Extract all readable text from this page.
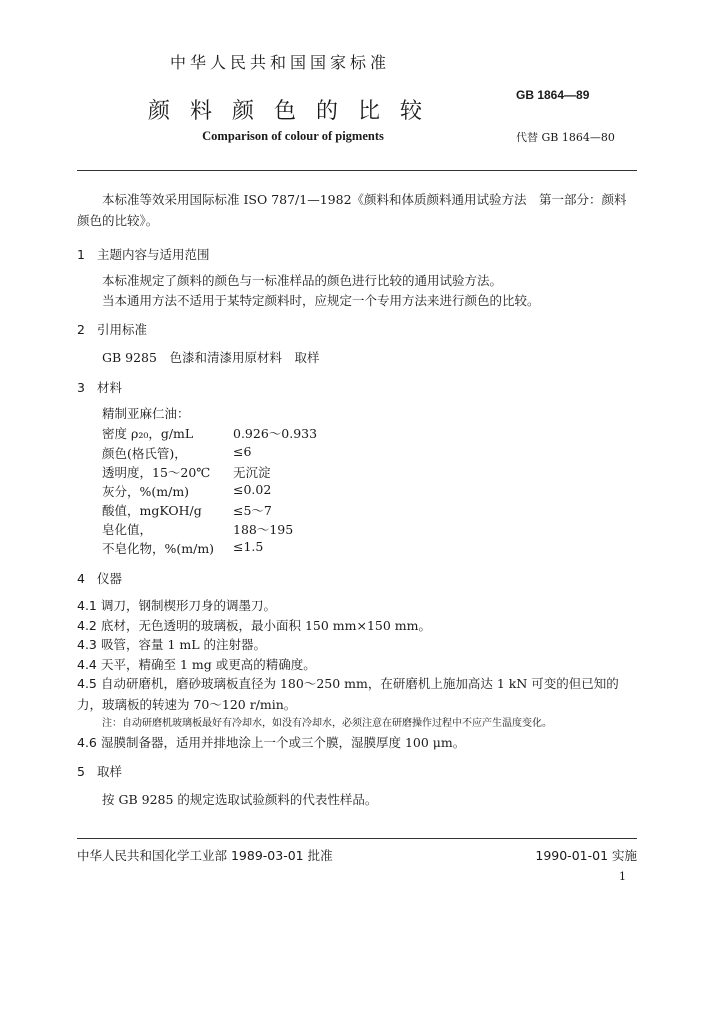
中华人民共和国国家标准
颜料颜色的比较
Comparison of colour of pigments
GB 1864—89
代替 GB 1864—80

本标准等效采用国际标准 ISO 787/1—1982《颜料和体质颜料通用试验方法　第一部分：颜料颜色的比较》。

1 主题内容与适用范围
本标准规定了颜料的颜色与一标准样品的颜色进行比较的通用试验方法。
当本通用方法不适用于某特定颜料时，应规定一个专用方法来进行颜色的比较。
2 引用标准
GB 9285　色漆和清漆用原材料　取样
3 材料
精制亚麻仁油：
密度 ρ₂₀，g/mL	0.926～0.933
颜色(格氏管)，	≤6
透明度，15～20℃ 无沉淀
灰分，%(m/m)	≤0.02
酸值，mgKOH/g	≤5～7
皂化值，	188～195
不皂化物，%(m/m) ≤1.5
4 仪器

4.1 调刀，钢制楔形刀身的调墨刀。

4.2 底材，无色透明的玻璃板，最小面积 150 mm×150 mm。

4.3 吸管，容量 1 mL 的注射器。

4.4 天平，精确至 1 mg 或更高的精确度。

4.5 自动研磨机，磨砂玻璃板直径为 180～250 mm，在研磨机上施加高达 1 kN 可变的但已知的力，玻璃板的转速为 70～120 r/min。

注：自动研磨机玻璃板最好有冷却水，如没有冷却水，必须注意在研磨操作过程中不应产生温度变化。

4.6 湿膜制备器，适用并排地涂上一个或三个膜，湿膜厚度 100 μm。

5 取样
按 GB 9285 的规定选取试验颜料的代表性样品。
中华人民共和国化学工业部 1989-03-01 批准	1990-01-01 实施
1
